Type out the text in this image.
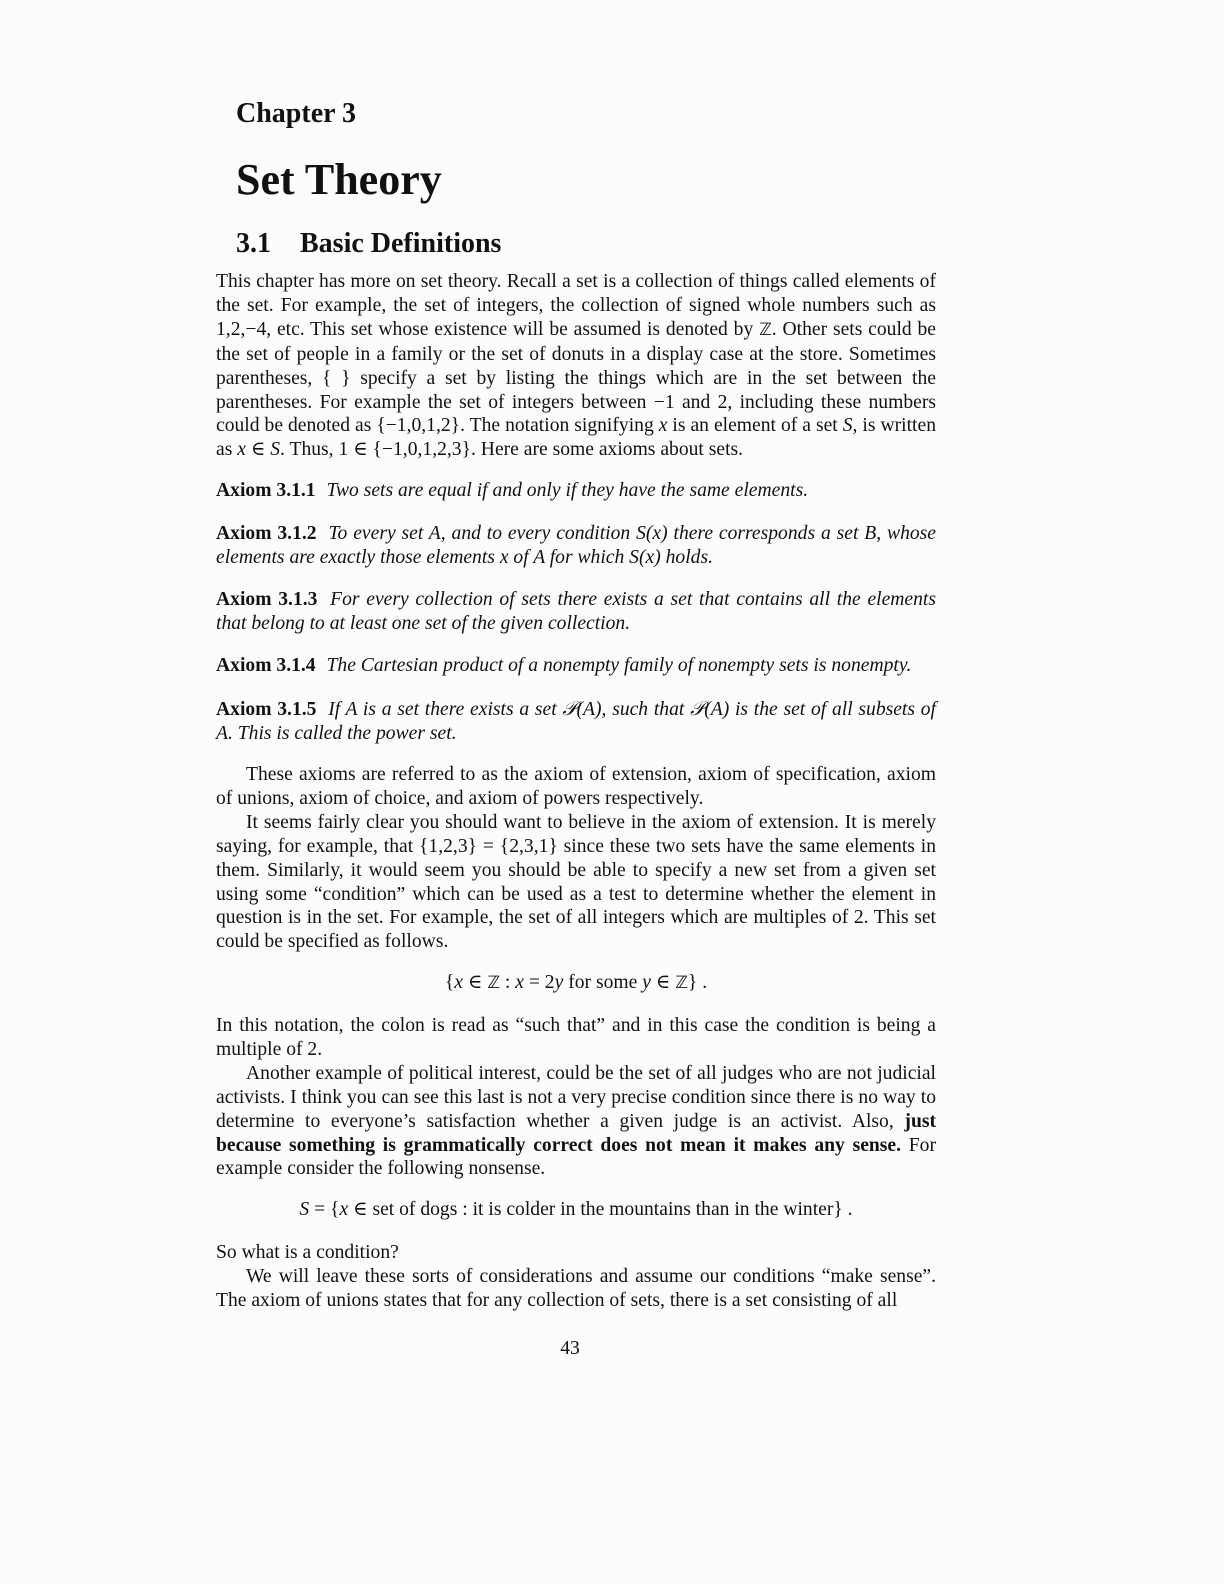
Chapter 3
Set Theory
3.1 Basic Definitions

This chapter has more on set theory. Recall a set is a collection of things called elements of the set. For example, the set of integers, the collection of signed whole numbers such as 1,2,−4, etc. This set whose existence will be assumed is denoted by ℤ. Other sets could be the set of people in a family or the set of donuts in a display case at the store. Sometimes parentheses, { } specify a set by listing the things which are in the set between the parentheses. For example the set of integers between −1 and 2, including these numbers could be denoted as {−1,0,1,2}. The notation signifying x is an element of a set S, is written as x ∈ S. Thus, 1 ∈ {−1,0,1,2,3}. Here are some axioms about sets.

Axiom 3.1.1 Two sets are equal if and only if they have the same elements.

Axiom 3.1.2 To every set A, and to every condition S(x) there corresponds a set B, whose elements are exactly those elements x of A for which S(x) holds.

Axiom 3.1.3 For every collection of sets there exists a set that contains all the elements that belong to at least one set of the given collection.

Axiom 3.1.4 The Cartesian product of a nonempty family of nonempty sets is nonempty.

Axiom 3.1.5 If A is a set there exists a set 𝒫(A), such that 𝒫(A) is the set of all subsets of A. This is called the power set.

These axioms are referred to as the axiom of extension, axiom of specification, axiom of unions, axiom of choice, and axiom of powers respectively.

It seems fairly clear you should want to believe in the axiom of extension. It is merely saying, for example, that {1,2,3} = {2,3,1} since these two sets have the same elements in them. Similarly, it would seem you should be able to specify a new set from a given set using some “condition” which can be used as a test to determine whether the element in question is in the set. For example, the set of all integers which are multiples of 2. This set could be specified as follows.

{x ∈ ℤ : x = 2y for some y ∈ ℤ} .

In this notation, the colon is read as “such that” and in this case the condition is being a multiple of 2.

Another example of political interest, could be the set of all judges who are not judicial activists. I think you can see this last is not a very precise condition since there is no way to determine to everyone’s satisfaction whether a given judge is an activist. Also, just because something is grammatically correct does not mean it makes any sense. For example consider the following nonsense.

S = {x ∈ set of dogs : it is colder in the mountains than in the winter} .

So what is a condition?

We will leave these sorts of considerations and assume our conditions “make sense”. The axiom of unions states that for any collection of sets, there is a set consisting of all

43
